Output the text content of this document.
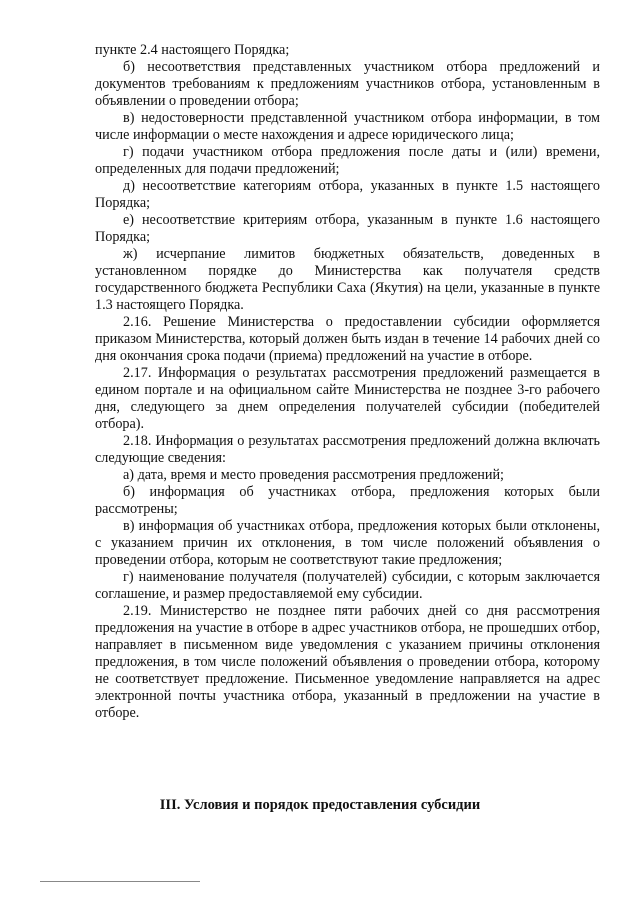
пункте 2.4 настоящего Порядка;

б) несоответствия представленных участником отбора предложений и документов требованиям к предложениям участников отбора, установленным в объявлении о проведении отбора;

в) недостоверности представленной участником отбора информации, в том числе информации о месте нахождения и адресе юридического лица;

г) подачи участником отбора предложения после даты и (или) времени, определенных для подачи предложений;

д) несоответствие категориям отбора, указанных в пункте 1.5 настоящего Порядка;

е) несоответствие критериям отбора, указанным в пункте 1.6 настоящего Порядка;

ж) исчерпание лимитов бюджетных обязательств, доведенных в установленном порядке до Министерства как получателя средств государственного бюджета Республики Саха (Якутия) на цели, указанные в пункте 1.3 настоящего Порядка.

2.16. Решение Министерства о предоставлении субсидии оформляется приказом Министерства, который должен быть издан в течение 14 рабочих дней со дня окончания срока подачи (приема) предложений на участие в отборе.

2.17. Информация о результатах рассмотрения предложений размещается в едином портале и на официальном сайте Министерства не позднее 3-го рабочего дня, следующего за днем определения получателей субсидии (победителей отбора).

2.18. Информация о результатах рассмотрения предложений должна включать следующие сведения:

а) дата, время и место проведения рассмотрения предложений;

б) информация об участниках отбора, предложения которых были рассмотрены;

в) информация об участниках отбора, предложения которых были отклонены, с указанием причин их отклонения, в том числе положений объявления о проведении отбора, которым не соответствуют такие предложения;

г) наименование получателя (получателей) субсидии, с которым заключается соглашение, и размер предоставляемой ему субсидии.

2.19. Министерство не позднее пяти рабочих дней со дня рассмотрения предложения на участие в отборе в адрес участников отбора, не прошедших отбор, направляет в письменном виде уведомления с указанием причины отклонения предложения, в том числе положений объявления о проведении отбора, которому не соответствует предложение. Письменное уведомление направляется на адрес электронной почты участника отбора, указанный в предложении на участие в отборе.

III. Условия и порядок предоставления субсидии
